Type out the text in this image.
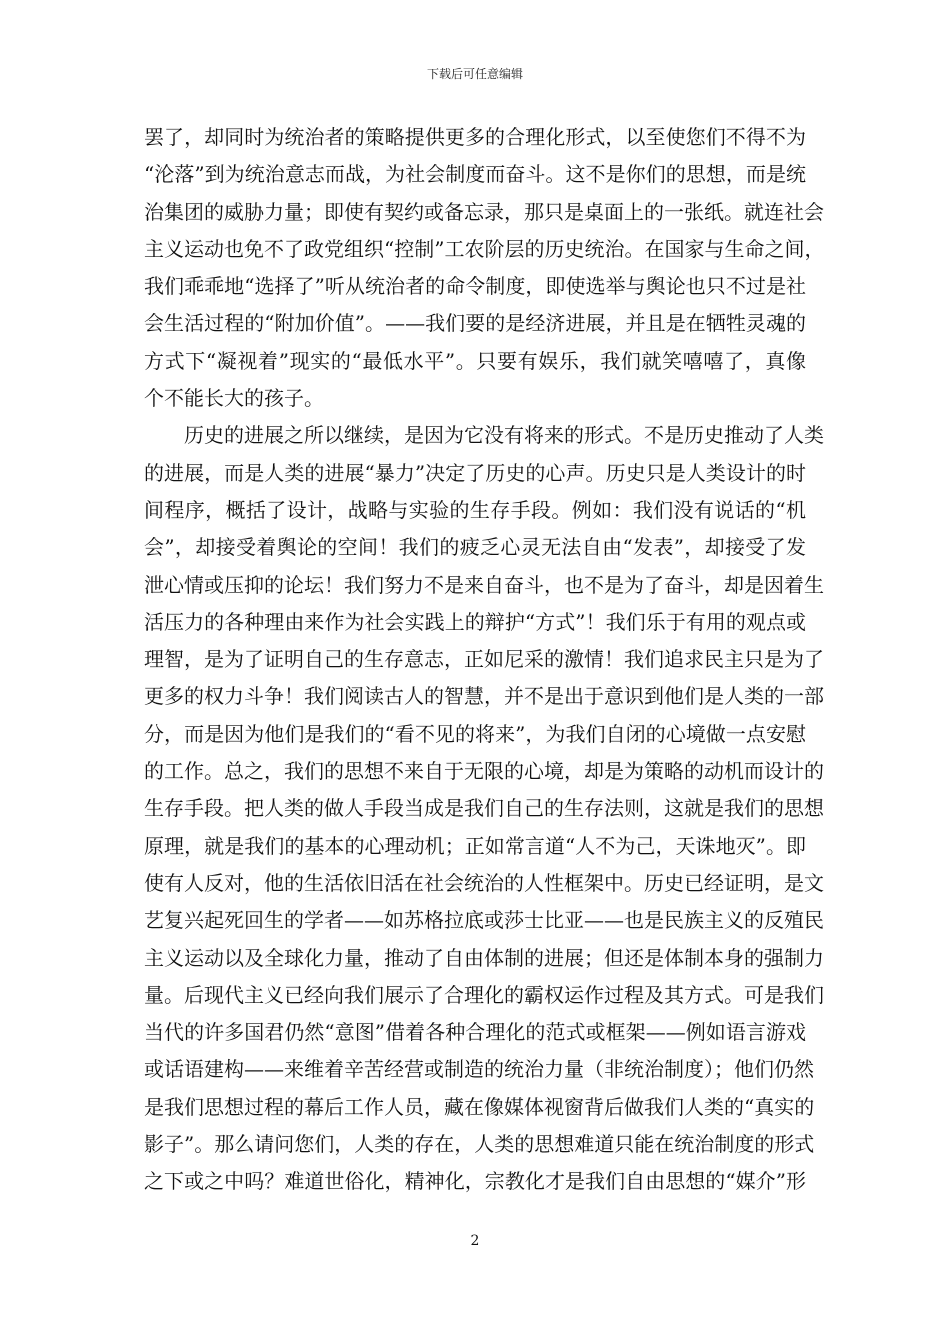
下载后可任意编辑
罢了，却同时为统治者的策略提供更多的合理化形式，以至使您们不得不为
“沦落”到为统治意志而战，为社会制度而奋斗。这不是你们的思想，而是统
治集团的威胁力量；即使有契约或备忘录，那只是桌面上的一张纸。就连社会
主义运动也免不了政党组织“控制”工农阶层的历史统治。在国家与生命之间，
我们乖乖地“选择了”听从统治者的命令制度，即使选举与舆论也只不过是社
会生活过程的“附加价值”。——我们要的是经济进展，并且是在牺牲灵魂的
方式下“凝视着”现实的“最低水平”。只要有娱乐，我们就笑嘻嘻了，真像
个不能长大的孩子。
历史的进展之所以继续，是因为它没有将来的形式。不是历史推动了人类
的进展，而是人类的进展“暴力”决定了历史的心声。历史只是人类设计的时
间程序，概括了设计，战略与实验的生存手段。例如：我们没有说话的“机
会”，却接受着舆论的空间！我们的疲乏心灵无法自由“发表”，却接受了发
泄心情或压抑的论坛！我们努力不是来自奋斗，也不是为了奋斗，却是因着生
活压力的各种理由来作为社会实践上的辩护“方式”！我们乐于有用的观点或
理智，是为了证明自己的生存意志，正如尼采的激情！我们追求民主只是为了
更多的权力斗争！我们阅读古人的智慧，并不是出于意识到他们是人类的一部
分，而是因为他们是我们的“看不见的将来”，为我们自闭的心境做一点安慰
的工作。总之，我们的思想不来自于无限的心境，却是为策略的动机而设计的
生存手段。把人类的做人手段当成是我们自己的生存法则，这就是我们的思想
原理，就是我们的基本的心理动机；正如常言道“人不为己，天诛地灭”。即
使有人反对，他的生活依旧活在社会统治的人性框架中。历史已经证明，是文
艺复兴起死回生的学者——如苏格拉底或莎士比亚——也是民族主义的反殖民
主义运动以及全球化力量，推动了自由体制的进展；但还是体制本身的强制力
量。后现代主义已经向我们展示了合理化的霸权运作过程及其方式。可是我们
当代的许多国君仍然“意图”借着各种合理化的范式或框架——例如语言游戏
或话语建构——来维着辛苦经营或制造的统治力量（非统治制度）；他们仍然
是我们思想过程的幕后工作人员，藏在像媒体视窗背后做我们人类的“真实的
影子”。那么请问您们，人类的存在，人类的思想难道只能在统治制度的形式
之下或之中吗？难道世俗化，精神化，宗教化才是我们自由思想的“媒介”形
2
